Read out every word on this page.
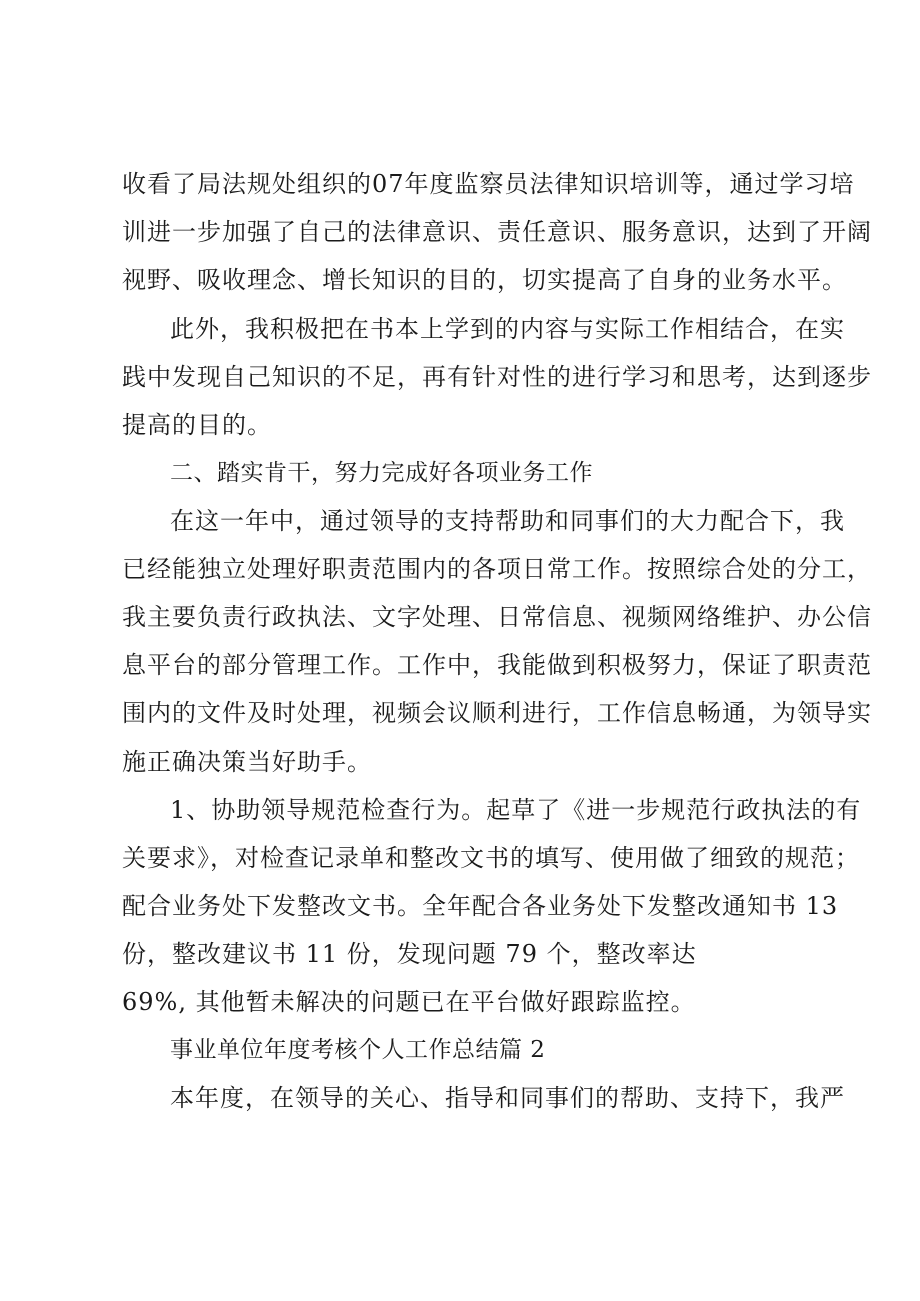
收看了局法规处组织的07年度监察员法律知识培训等，通过学习培
训进一步加强了自己的法律意识、责任意识、服务意识，达到了开阔
视野、吸收理念、增长知识的目的，切实提高了自身的业务水平。
此外，我积极把在书本上学到的内容与实际工作相结合，在实
践中发现自己知识的不足，再有针对性的进行学习和思考，达到逐步
提高的目的。
二、踏实肯干，努力完成好各项业务工作
在这一年中，通过领导的支持帮助和同事们的大力配合下，我
已经能独立处理好职责范围内的各项日常工作。按照综合处的分工，
我主要负责行政执法、文字处理、日常信息、视频网络维护、办公信
息平台的部分管理工作。工作中，我能做到积极努力，保证了职责范
围内的文件及时处理，视频会议顺利进行，工作信息畅通，为领导实
施正确决策当好助手。
1、协助领导规范检查行为。起草了《进一步规范行政执法的有
关要求》，对检查记录单和整改文书的填写、使用做了细致的规范；
配合业务处下发整改文书。全年配合各业务处下发整改通知书 13
份，整改建议书 11 份，发现问题 79 个，整改率达
69%, 其他暂未解决的问题已在平台做好跟踪监控。
事业单位年度考核个人工作总结篇 2
本年度，在领导的关心、指导和同事们的帮助、支持下，我严
